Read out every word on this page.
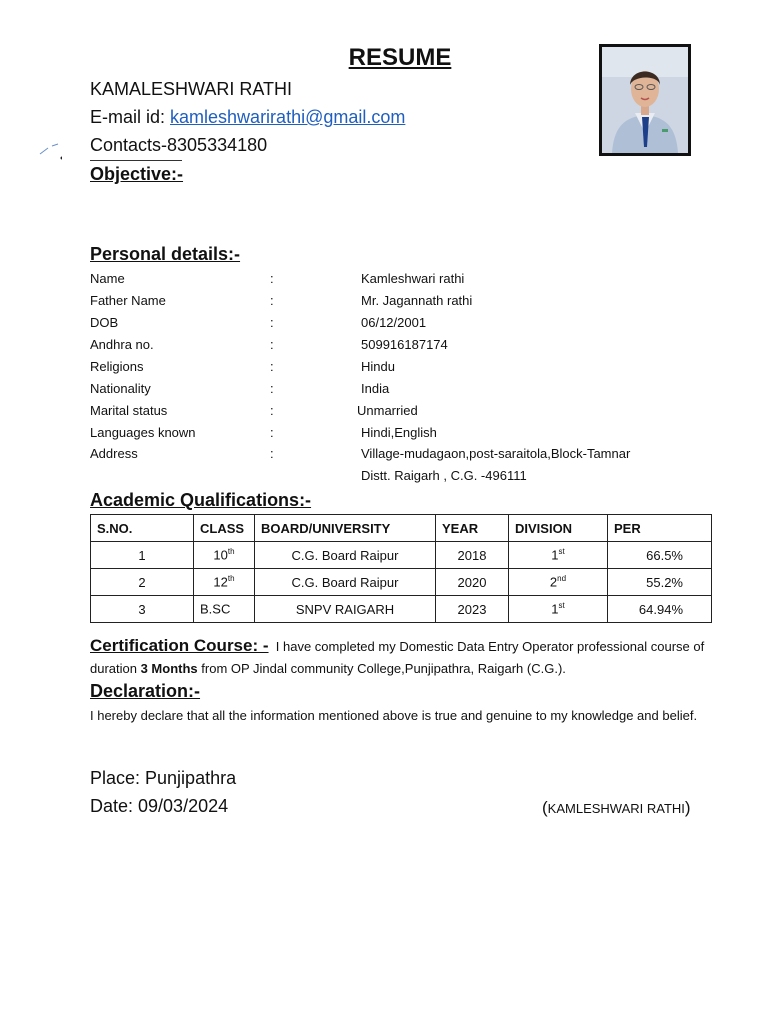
RESUME
KAMALESHWARI RATHI
E-mail id: kamleshwarirathi@gmail.com
Contacts-8305334180
Objective:-
Personal details:-
Name	:	Kamleshwari rathi
Father Name	:	Mr. Jagannath rathi
DOB	:	06/12/2001
Andhra no.	:	509916187174
Religions	:	Hindu
Nationality	:	India
Marital status	:	Unmarried
Languages known	:	Hindi,English
Address	:	Village-mudagaon,post-saraitola,Block-Tamnar
Distt. Raigarh , C.G. -496111
Academic Qualifications:-
S.NO.	CLASS	BOARD/UNIVERSITY	YEAR	DIVISION	PER
1	10th	C.G. Board Raipur	2018	1st	66.5%
2	12th	C.G. Board Raipur	2020	2nd	55.2%
3	B.SC	SNPV RAIGARH	2023	1st	64.94%
Certification Course: - I have completed my Domestic Data Entry Operator professional course of duration 3 Months from OP Jindal community College,Punjipathra, Raigarh (C.G.).
Declaration:-
I hereby declare that all the information mentioned above is true and genuine to my knowledge and belief.
Place: Punjipathra
Date: 09/03/2024	(KAMLESHWARI RATHI)
